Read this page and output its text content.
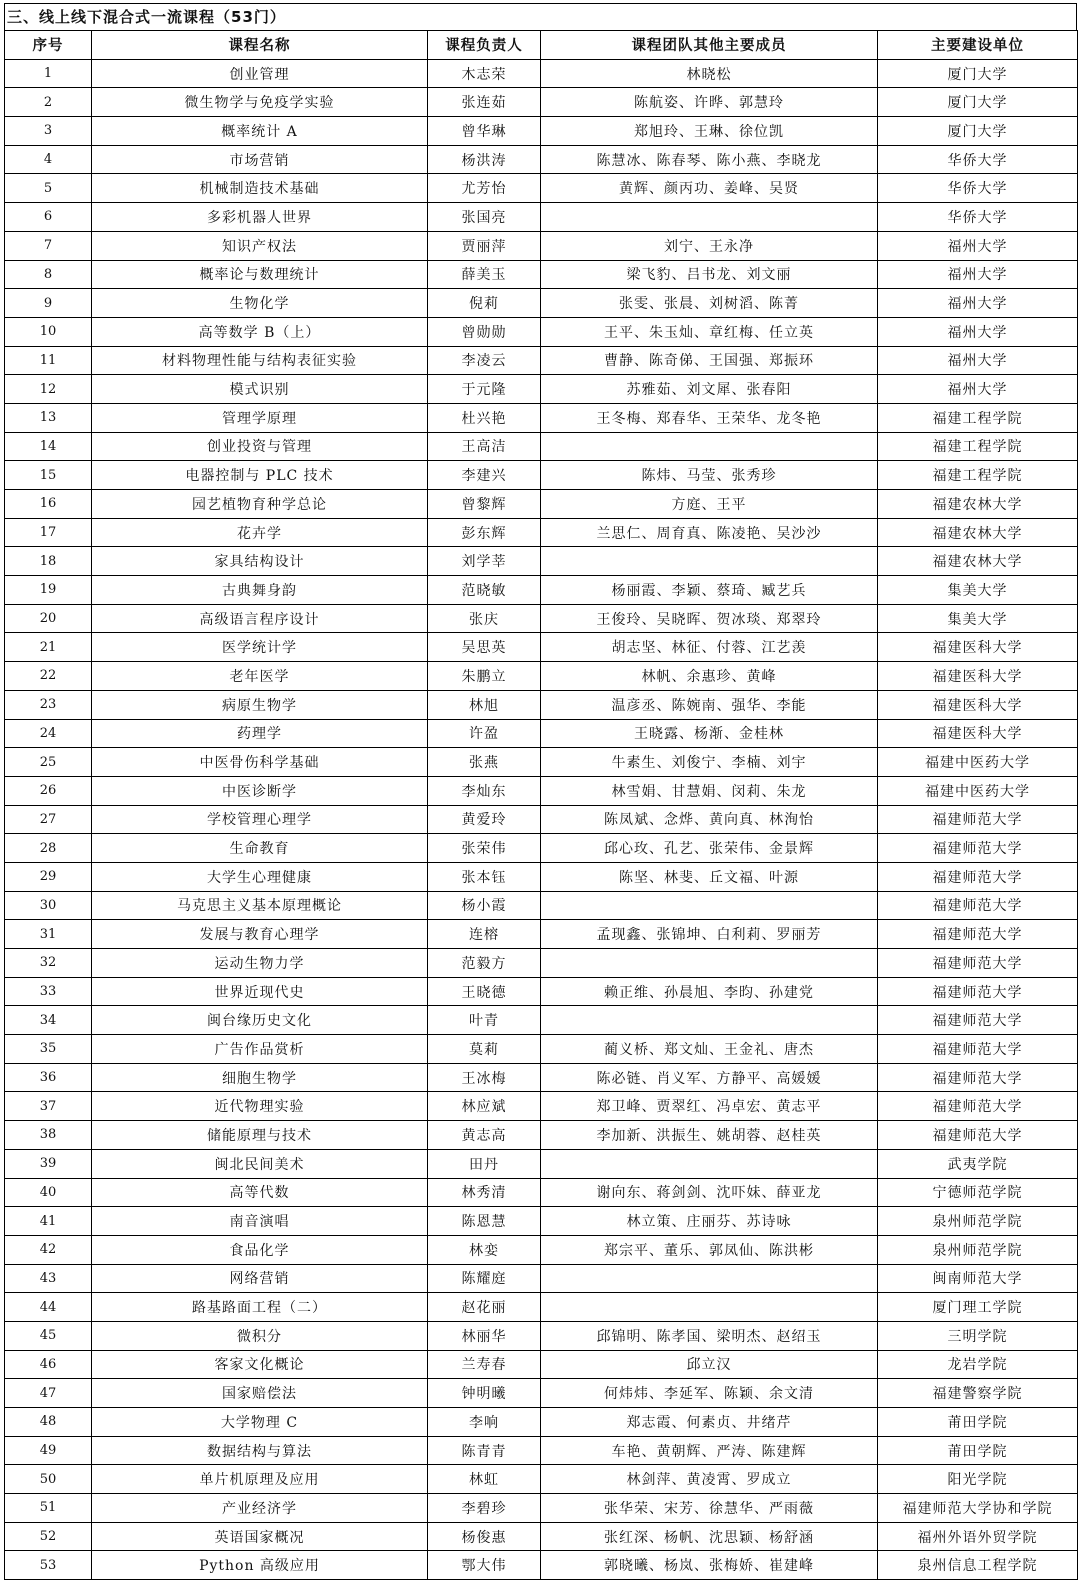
三、线上线下混合式一流课程（53门）
序号	课程名称	课程负责人	课程团队其他主要成员	主要建设单位
1	创业管理	木志荣	林晓松	厦门大学
2	微生物学与免疫学实验	张连茹	陈航姿、许晔、郭慧玲	厦门大学
3	概率统计 A	曾华琳	郑旭玲、王琳、徐位凯	厦门大学
4	市场营销	杨洪涛	陈慧冰、陈春琴、陈小燕、李晓龙	华侨大学
5	机械制造技术基础	尤芳怡	黄辉、颜丙功、姜峰、吴贤	华侨大学
6	多彩机器人世界	张国亮		华侨大学
7	知识产权法	贾丽萍	刘宁、王永净	福州大学
8	概率论与数理统计	薛美玉	梁飞豹、吕书龙、刘文丽	福州大学
9	生物化学	倪莉	张雯、张晨、刘树滔、陈菁	福州大学
10	高等数学 B（上）	曾勋勋	王平、朱玉灿、章红梅、任立英	福州大学
11	材料物理性能与结构表征实验	李凌云	曹静、陈奇俤、王国强、郑振环	福州大学
12	模式识别	于元隆	苏雅茹、刘文犀、张春阳	福州大学
13	管理学原理	杜兴艳	王冬梅、郑春华、王荣华、龙冬艳	福建工程学院
14	创业投资与管理	王高洁		福建工程学院
15	电器控制与 PLC 技术	李建兴	陈炜、马莹、张秀珍	福建工程学院
16	园艺植物育种学总论	曾黎辉	方庭、王平	福建农林大学
17	花卉学	彭东辉	兰思仁、周育真、陈凌艳、吴沙沙	福建农林大学
18	家具结构设计	刘学莘		福建农林大学
19	古典舞身韵	范晓敏	杨丽霞、李颖、蔡琦、臧艺兵	集美大学
20	高级语言程序设计	张庆	王俊玲、吴晓晖、贺冰琰、郑翠玲	集美大学
21	医学统计学	吴思英	胡志坚、林征、付蓉、江艺羡	福建医科大学
22	老年医学	朱鹏立	林帆、余惠珍、黄峰	福建医科大学
23	病原生物学	林旭	温彦丞、陈婉南、强华、李能	福建医科大学
24	药理学	许盈	王晓露、杨渐、金桂林	福建医科大学
25	中医骨伤科学基础	张燕	牛素生、刘俊宁、李楠、刘宇	福建中医药大学
26	中医诊断学	李灿东	林雪娟、甘慧娟、闵莉、朱龙	福建中医药大学
27	学校管理心理学	黄爱玲	陈凤斌、念烨、黄向真、林洵怡	福建师范大学
28	生命教育	张荣伟	邱心玫、孔艺、张荣伟、金景辉	福建师范大学
29	大学生心理健康	张本钰	陈坚、林斐、丘文福、叶源	福建师范大学
30	马克思主义基本原理概论	杨小霞		福建师范大学
31	发展与教育心理学	连榕	孟现鑫、张锦坤、白利莉、罗丽芳	福建师范大学
32	运动生物力学	范毅方		福建师范大学
33	世界近现代史	王晓德	赖正维、孙晨旭、李昀、孙建党	福建师范大学
34	闽台缘历史文化	叶青		福建师范大学
35	广告作品赏析	莫莉	蔺义桥、郑文灿、王金礼、唐杰	福建师范大学
36	细胞生物学	王冰梅	陈必链、肖义军、方静平、高媛媛	福建师范大学
37	近代物理实验	林应斌	郑卫峰、贾翠红、冯卓宏、黄志平	福建师范大学
38	储能原理与技术	黄志高	李加新、洪振生、姚胡蓉、赵桂英	福建师范大学
39	闽北民间美术	田丹		武夷学院
40	高等代数	林秀清	谢向东、蒋剑剑、沈吓妹、薛亚龙	宁德师范学院
41	南音演唱	陈恩慧	林立策、庄丽芬、苏诗咏	泉州师范学院
42	食品化学	林娈	郑宗平、董乐、郭凤仙、陈洪彬	泉州师范学院
43	网络营销	陈耀庭		闽南师范大学
44	路基路面工程（二）	赵花丽		厦门理工学院
45	微积分	林丽华	邱锦明、陈孝国、梁明杰、赵绍玉	三明学院
46	客家文化概论	兰寿春	邱立汉	龙岩学院
47	国家赔偿法	钟明曦	何炜炜、李延军、陈颖、余文清	福建警察学院
48	大学物理 C	李响	郑志霞、何素贞、井绪芹	莆田学院
49	数据结构与算法	陈青青	车艳、黄朝辉、严涛、陈建辉	莆田学院
50	单片机原理及应用	林虹	林剑萍、黄凌霄、罗成立	阳光学院
51	产业经济学	李碧珍	张华荣、宋芳、徐慧华、严雨薇	福建师范大学协和学院
52	英语国家概况	杨俊惠	张红深、杨帆、沈思颖、杨舒涵	福州外语外贸学院
53	Python 高级应用	鄂大伟	郭晓曦、杨岚、张梅娇、崔建峰	泉州信息工程学院
